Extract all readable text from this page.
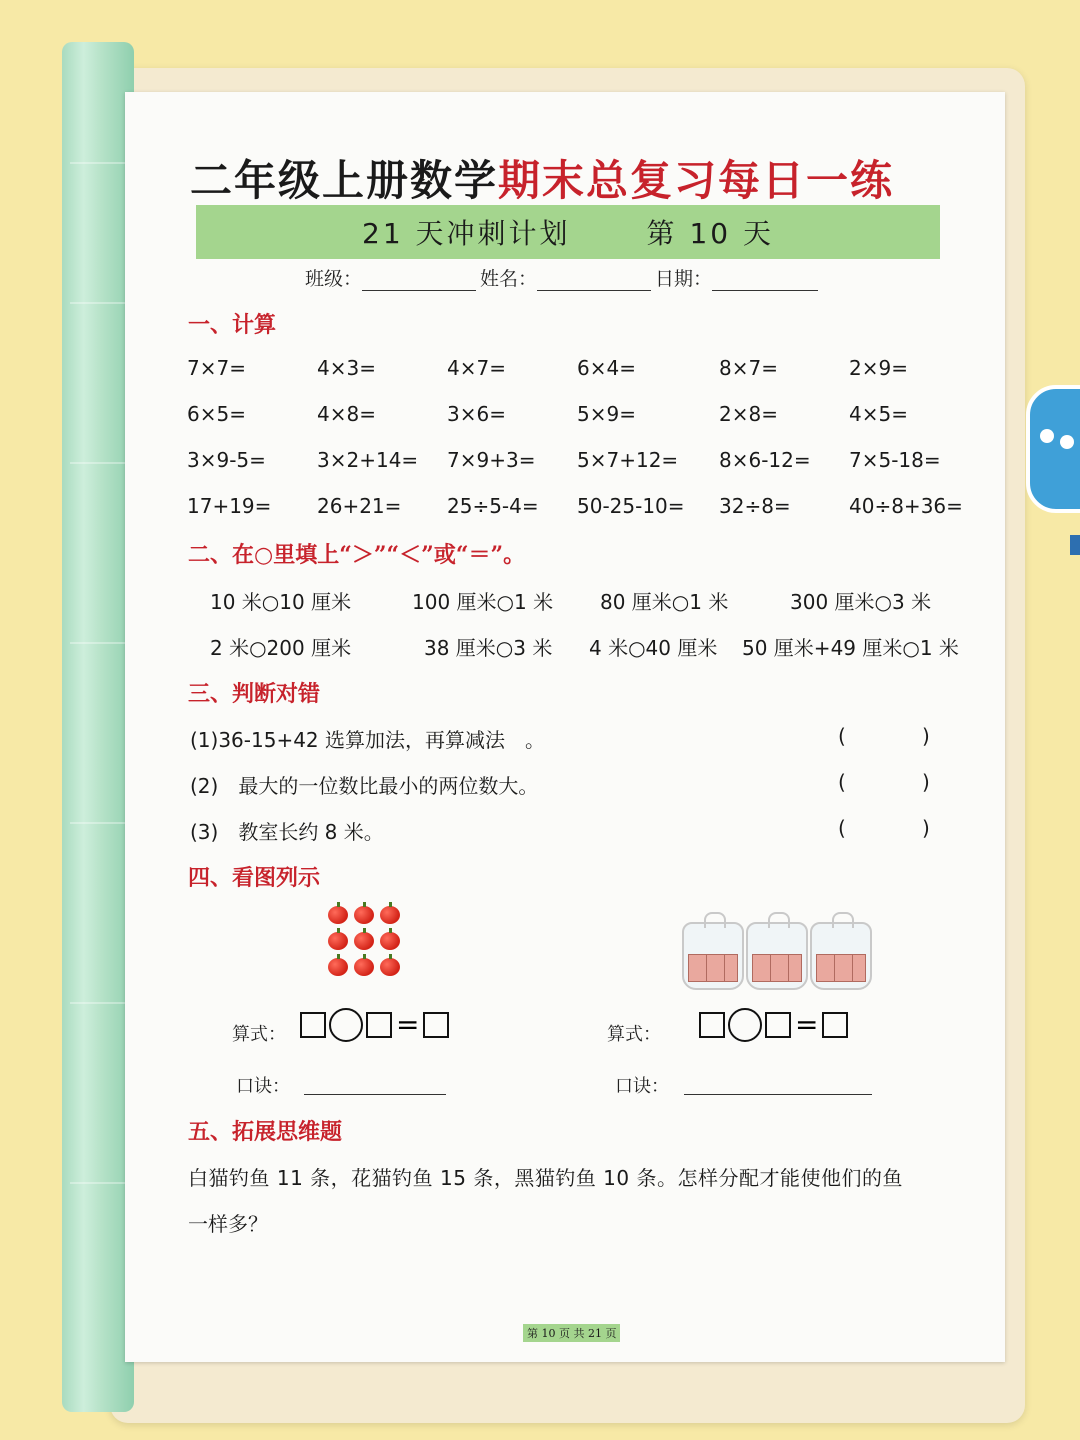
二年级上册数学期末总复习每日一练
21 天冲刺计划	第 10 天
班级：	姓名：	日期：
一、计算
7×7=	4×3=	4×7=	6×4=	8×7=	2×9=
6×5=	4×8=	3×6=	5×9=	2×8=	4×5=
3×9-5=	3×2+14= 7×9+3= 5×7+12= 8×6-12= 7×5-18=
17+19= 26+21= 25÷5-4= 50-25-10= 32÷8=	40÷8+36=
二、在○里填上“＞”“＜”或“＝”。
10 米○10 厘米	100 厘米○1 米 80 厘米○1 米	300 厘米○3 米
2 米○200 厘米	38 厘米○3 米 4 米○40 厘米 50 厘米+49 厘米○1 米
三、判断对错
(1)36-15+42 选算加法，再算减法　。
(2)　最大的一位数比最小的两位数大。
(3)　教室长约 8 米。
(	)
(	)
(	)
四、看图列示
算式：	=	算式：	=
口诀：	口诀：
五、拓展思维题
白猫钓鱼 11 条，花猫钓鱼 15 条，黑猫钓鱼 10 条。怎样分配才能使他们的鱼
一样多？
第 10 页 共 21 页
